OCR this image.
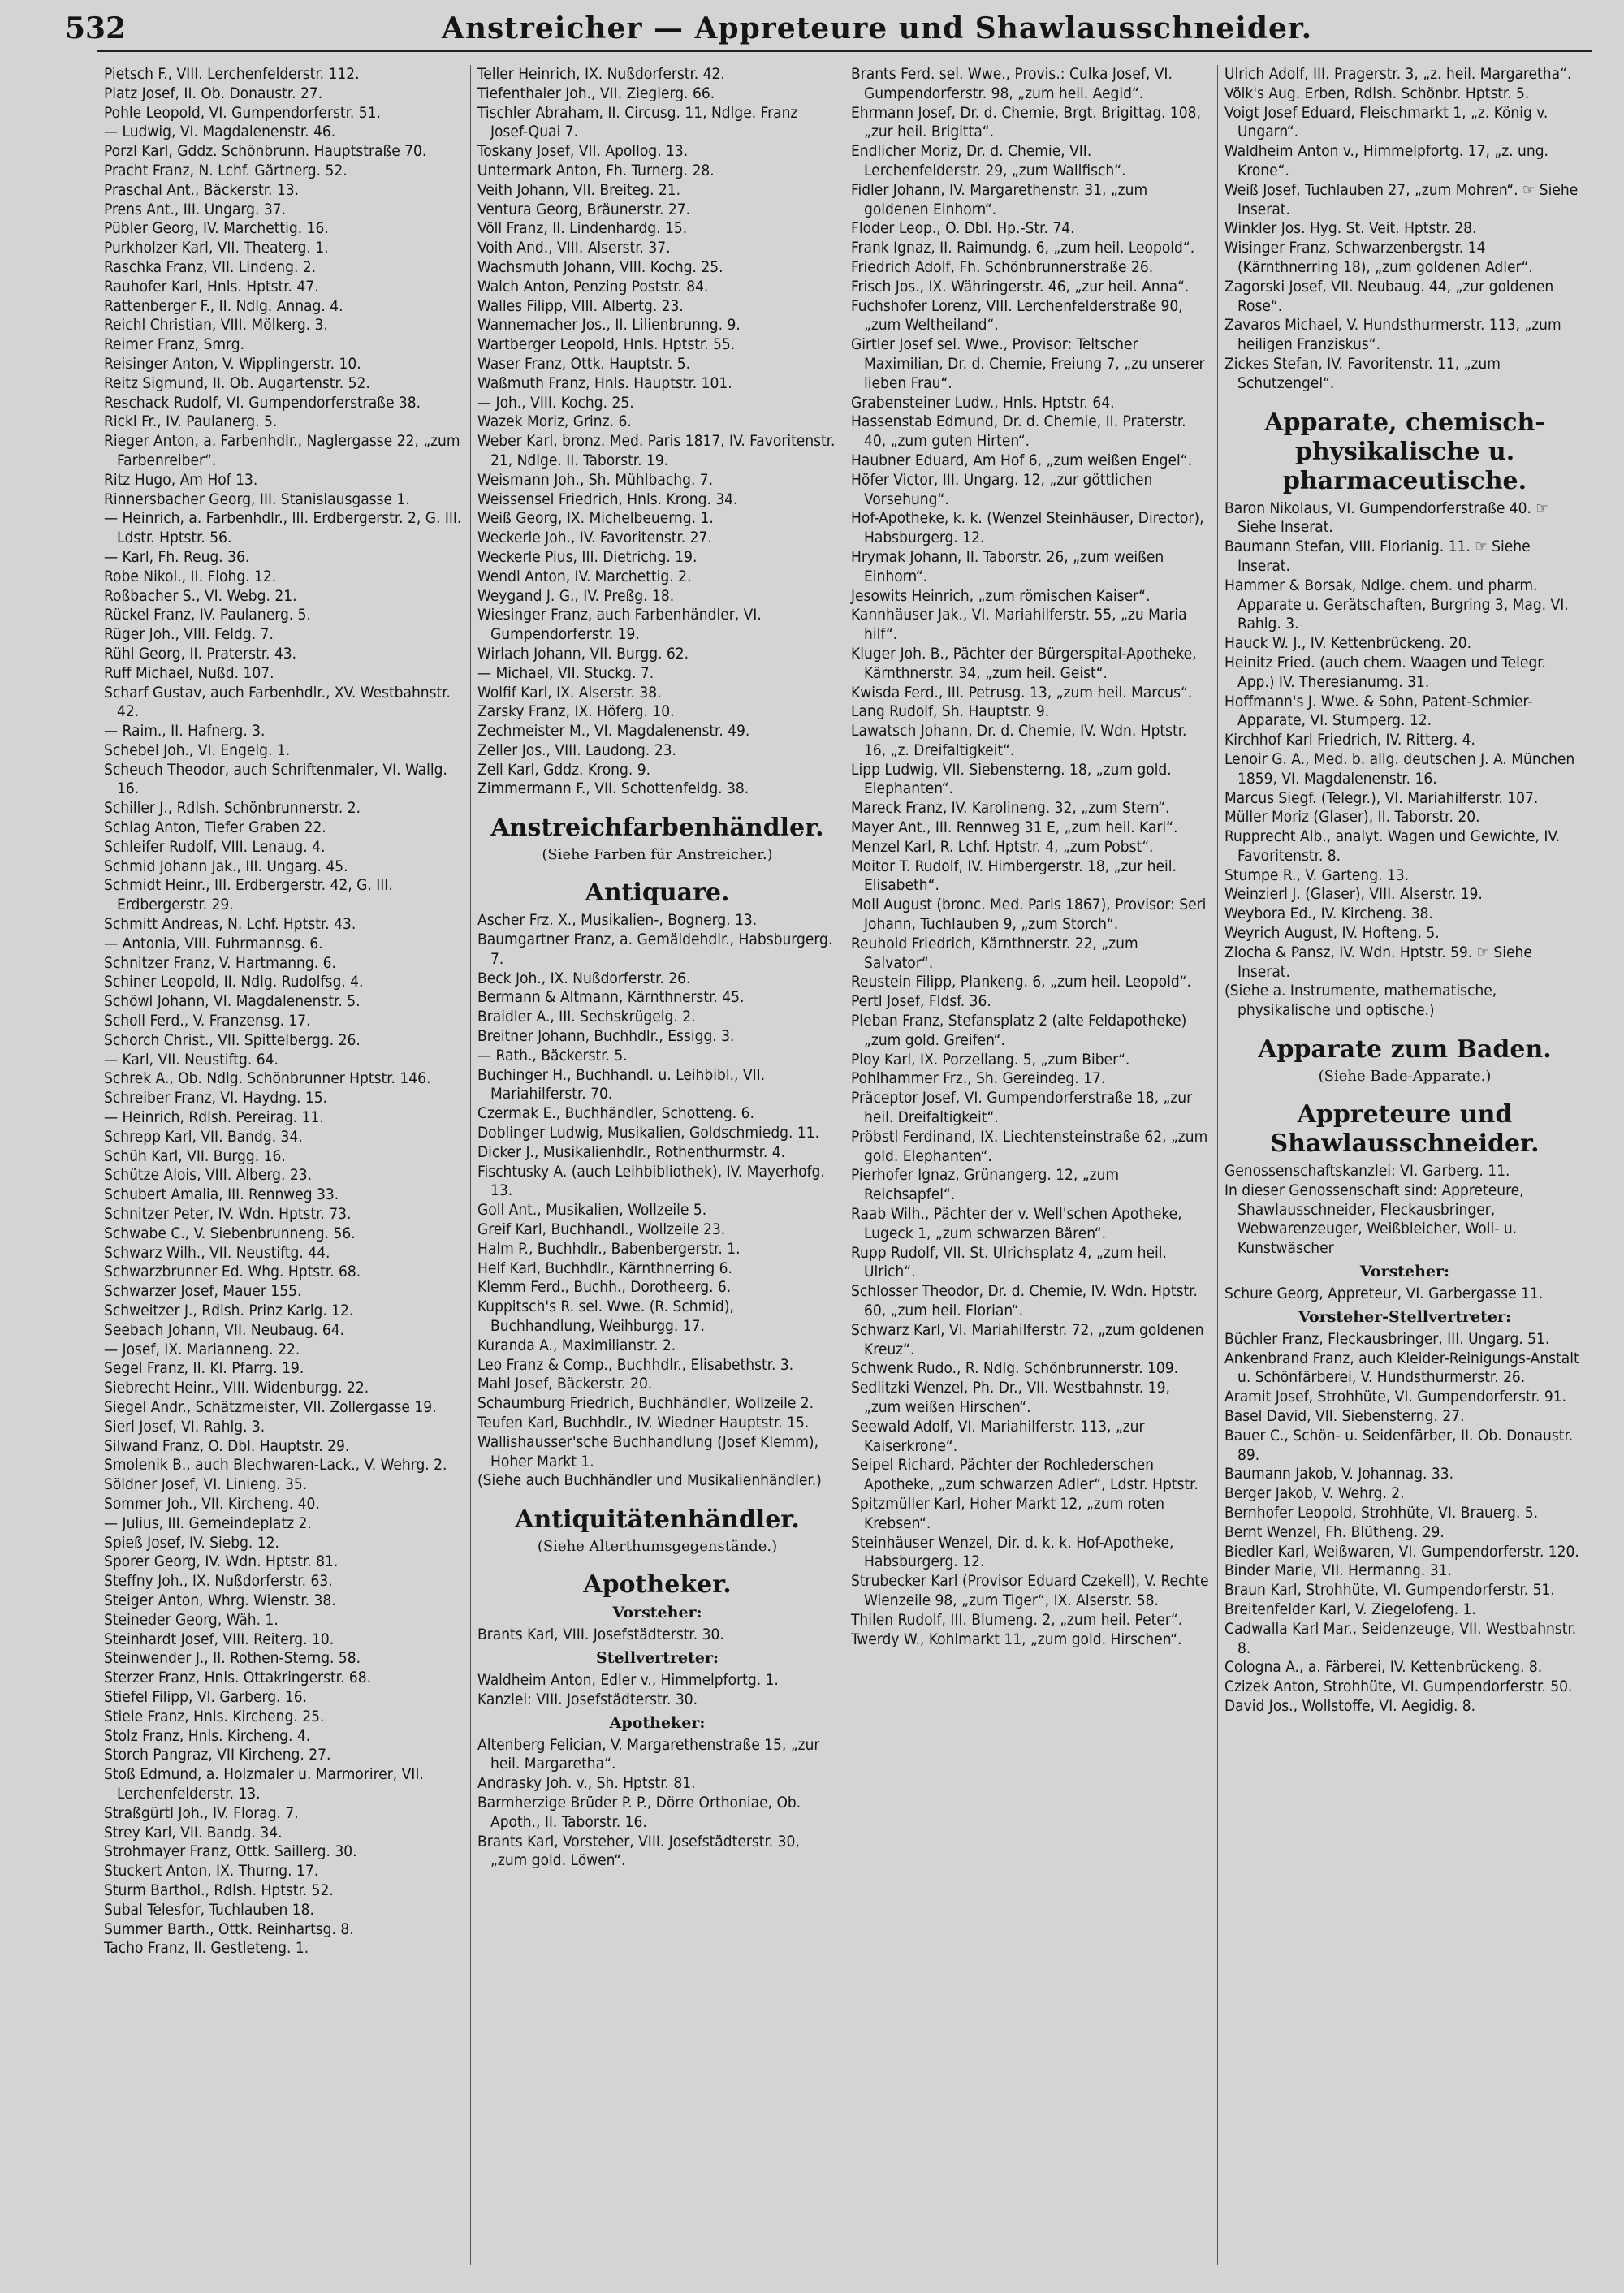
532	Anstreicher — Appreteure und Shawlausschneider.
Pietsch F., VIII. Lerchenfelderstr. 112.
Platz Josef, II. Ob. Donaustr. 27.
Pohle Leopold, VI. Gumpendorferstr. 51.
— Ludwig, VI. Magdalenenstr. 46.
Porzl Karl, Gddz. Schönbrunn. Hauptstraße 70.
Pracht Franz, N. Lchf. Gärtnerg. 52.
Praschal Ant., Bäckerstr. 13.
Prens Ant., III. Ungarg. 37.
Pübler Georg, IV. Marchettig. 16.
Purkholzer Karl, VII. Theaterg. 1.
Raschka Franz, VII. Lindeng. 2.
Rauhofer Karl, Hnls. Hptstr. 47.
Rattenberger F., II. Ndlg. Annag. 4.
Reichl Christian, VIII. Mölkerg. 3.
Reimer Franz, Smrg.
Reisinger Anton, V. Wipplingerstr. 10.
Reitz Sigmund, II. Ob. Augartenstr. 52.
Reschack Rudolf, VI. Gumpendorferstraße 38.
Rickl Fr., IV. Paulanerg. 5.
Rieger Anton, a. Farbenhdlr., Naglergasse 22, „zum Farbenreiber“.
Ritz Hugo, Am Hof 13.
Rinnersbacher Georg, III. Stanislausgasse 1.
— Heinrich, a. Farbenhdlr., III. Erdbergerstr. 2, G. III. Ldstr. Hptstr. 56.
— Karl, Fh. Reug. 36.
Robe Nikol., II. Flohg. 12.
Roßbacher S., VI. Webg. 21.
Rückel Franz, IV. Paulanerg. 5.
Rüger Joh., VIII. Feldg. 7.
Rühl Georg, II. Praterstr. 43.
Ruff Michael, Nußd. 107.
Scharf Gustav, auch Farbenhdlr., XV. Westbahnstr. 42.
— Raim., II. Hafnerg. 3.
Schebel Joh., VI. Engelg. 1.
Scheuch Theodor, auch Schriftenmaler, VI. Wallg. 16.
Schiller J., Rdlsh. Schönbrunnerstr. 2.
Schlag Anton, Tiefer Graben 22.
Schleifer Rudolf, VIII. Lenaug. 4.
Schmid Johann Jak., III. Ungarg. 45.
Schmidt Heinr., III. Erdbergerstr. 42, G. III. Erdbergerstr. 29.
Schmitt Andreas, N. Lchf. Hptstr. 43.
— Antonia, VIII. Fuhrmannsg. 6.
Schnitzer Franz, V. Hartmanng. 6.
Schiner Leopold, II. Ndlg. Rudolfsg. 4.
Schöwl Johann, VI. Magdalenenstr. 5.
Scholl Ferd., V. Franzensg. 17.
Schorch Christ., VII. Spittelbergg. 26.
— Karl, VII. Neustiftg. 64.
Schrek A., Ob. Ndlg. Schönbrunner Hptstr. 146.
Schreiber Franz, VI. Haydng. 15.
— Heinrich, Rdlsh. Pereirag. 11.
Schrepp Karl, VII. Bandg. 34.
Schüh Karl, VII. Burgg. 16.
Schütze Alois, VIII. Alberg. 23.
Schubert Amalia, III. Rennweg 33.
Schnitzer Peter, IV. Wdn. Hptstr. 73.
Schwabe C., V. Siebenbrunneng. 56.
Schwarz Wilh., VII. Neustiftg. 44.
Schwarzbrunner Ed. Whg. Hptstr. 68.
Schwarzer Josef, Mauer 155.
Schweitzer J., Rdlsh. Prinz Karlg. 12.
Seebach Johann, VII. Neubaug. 64.
— Josef, IX. Marianneng. 22.
Segel Franz, II. Kl. Pfarrg. 19.
Siebrecht Heinr., VIII. Widenburgg. 22.
Siegel Andr., Schätzmeister, VII. Zollergasse 19.
Sierl Josef, VI. Rahlg. 3.
Silwand Franz, O. Dbl. Hauptstr. 29.
Smolenik B., auch Blechwaren-Lack., V. Wehrg. 2.
Söldner Josef, VI. Linieng. 35.
Sommer Joh., VII. Kircheng. 40.
— Julius, III. Gemeindeplatz 2.
Spieß Josef, IV. Siebg. 12.
Sporer Georg, IV. Wdn. Hptstr. 81.
Steffny Joh., IX. Nußdorferstr. 63.
Steiger Anton, Whrg. Wienstr. 38.
Steineder Georg, Wäh. 1.
Steinhardt Josef, VIII. Reiterg. 10.
Steinwender J., II. Rothen-Sterng. 58.
Sterzer Franz, Hnls. Ottakringerstr. 68.
Stiefel Filipp, VI. Garberg. 16.
Stiele Franz, Hnls. Kircheng. 25.
Stolz Franz, Hnls. Kircheng. 4.
Storch Pangraz, VII Kircheng. 27.
Stoß Edmund, a. Holzmaler u. Marmorirer, VII. Lerchenfelderstr. 13.
Straßgürtl Joh., IV. Florag. 7.
Strey Karl, VII. Bandg. 34.
Strohmayer Franz, Ottk. Saillerg. 30.
Stuckert Anton, IX. Thurng. 17.
Sturm Barthol., Rdlsh. Hptstr. 52.
Subal Telesfor, Tuchlauben 18.
Summer Barth., Ottk. Reinhartsg. 8.
Tacho Franz, II. Gestleteng. 1.
Teller Heinrich, IX. Nußdorferstr. 42.
Tiefenthaler Joh., VII. Zieglerg. 66.
Tischler Abraham, II. Circusg. 11, Ndlge. Franz Josef-Quai 7.
Toskany Josef, VII. Apollog. 13.
Untermark Anton, Fh. Turnerg. 28.
Veith Johann, VII. Breiteg. 21.
Ventura Georg, Bräunerstr. 27.
Völl Franz, II. Lindenhardg. 15.
Voith And., VIII. Alserstr. 37.
Wachsmuth Johann, VIII. Kochg. 25.
Walch Anton, Penzing Poststr. 84.
Walles Filipp, VIII. Albertg. 23.
Wannemacher Jos., II. Lilienbrunng. 9.
Wartberger Leopold, Hnls. Hptstr. 55.
Waser Franz, Ottk. Hauptstr. 5.
Waßmuth Franz, Hnls. Hauptstr. 101.
— Joh., VIII. Kochg. 25.
Wazek Moriz, Grinz. 6.
Weber Karl, bronz. Med. Paris 1817, IV. Favoritenstr. 21, Ndlge. II. Taborstr. 19.
Weismann Joh., Sh. Mühlbachg. 7.
Weissensel Friedrich, Hnls. Krong. 34.
Weiß Georg, IX. Michelbeuerng. 1.
Weckerle Joh., IV. Favoritenstr. 27.
Weckerle Pius, III. Dietrichg. 19.
Wendl Anton, IV. Marchettig. 2.
Weygand J. G., IV. Preßg. 18.
Wiesinger Franz, auch Farbenhändler, VI. Gumpendorferstr. 19.
Wirlach Johann, VII. Burgg. 62.
— Michael, VII. Stuckg. 7.
Wolfif Karl, IX. Alserstr. 38.
Zarsky Franz, IX. Höferg. 10.
Zechmeister M., VI. Magdalenenstr. 49.
Zeller Jos., VIII. Laudong. 23.
Zell Karl, Gddz. Krong. 9.
Zimmermann F., VII. Schottenfeldg. 38.
Anstreichfarbenhändler.
(Siehe Farben für Anstreicher.)
Antiquare.
Ascher Frz. X., Musikalien-, Bognerg. 13.
Baumgartner Franz, a. Gemäldehdlr., Habsburgerg. 7.
Beck Joh., IX. Nußdorferstr. 26.
Bermann & Altmann, Kärnthnerstr. 45.
Braidler A., III. Sechskrügelg. 2.
Breitner Johann, Buchhdlr., Essigg. 3.
— Rath., Bäckerstr. 5.
Buchinger H., Buchhandl. u. Leihbibl., VII. Mariahilferstr. 70.
Czermak E., Buchhändler, Schotteng. 6.
Doblinger Ludwig, Musikalien, Goldschmiedg. 11.
Dicker J., Musikalienhdlr., Rothenthurmstr. 4.
Fischtusky A. (auch Leihbibliothek), IV. Mayerhofg. 13.
Goll Ant., Musikalien, Wollzeile 5.
Greif Karl, Buchhandl., Wollzeile 23.
Halm P., Buchhdlr., Babenbergerstr. 1.
Helf Karl, Buchhdlr., Kärnthnerring 6.
Klemm Ferd., Buchh., Dorotheerg. 6.
Kuppitsch's R. sel. Wwe. (R. Schmid), Buchhandlung, Weihburgg. 17.
Kuranda A., Maximilianstr. 2.
Leo Franz & Comp., Buchhdlr., Elisabethstr. 3.
Mahl Josef, Bäckerstr. 20.
Schaumburg Friedrich, Buchhändler, Wollzeile 2.
Teufen Karl, Buchhdlr., IV. Wiedner Hauptstr. 15.
Wallishausser'sche Buchhandlung (Josef Klemm), Hoher Markt 1.
(Siehe auch Buchhändler und Musikalienhändler.)
Antiquitätenhändler.
(Siehe Alterthumsgegenstände.)
Apotheker.
Vorsteher:
Brants Karl, VIII. Josefstädterstr. 30.
Stellvertreter:
Waldheim Anton, Edler v., Himmelpfortg. 1.
Kanzlei: VIII. Josefstädterstr. 30.
Apotheker:
Altenberg Felician, V. Margarethenstraße 15, „zur heil. Margaretha“.
Andrasky Joh. v., Sh. Hptstr. 81.
Barmherzige Brüder P. P., Dörre Orthoniae, Ob. Apoth., II. Taborstr. 16.
Brants Karl, Vorsteher, VIII. Josefstädterstr. 30, „zum gold. Löwen“.
Brants Ferd. sel. Wwe., Provis.: Culka Josef, VI. Gumpendorferstr. 98, „zum heil. Aegid“.
Ehrmann Josef, Dr. d. Chemie, Brgt. Brigittag. 108, „zur heil. Brigitta“.
Endlicher Moriz, Dr. d. Chemie, VII. Lerchenfelderstr. 29, „zum Wallfisch“.
Fidler Johann, IV. Margarethenstr. 31, „zum goldenen Einhorn“.
Floder Leop., O. Dbl. Hp.-Str. 74.
Frank Ignaz, II. Raimundg. 6, „zum heil. Leopold“.
Friedrich Adolf, Fh. Schönbrunnerstraße 26.
Frisch Jos., IX. Währingerstr. 46, „zur heil. Anna“.
Fuchshofer Lorenz, VIII. Lerchenfelderstraße 90, „zum Weltheiland“.
Girtler Josef sel. Wwe., Provisor: Teltscher Maximilian, Dr. d. Chemie, Freiung 7, „zu unserer lieben Frau“.
Grabensteiner Ludw., Hnls. Hptstr. 64.
Hassenstab Edmund, Dr. d. Chemie, II. Praterstr. 40, „zum guten Hirten“.
Haubner Eduard, Am Hof 6, „zum weißen Engel“.
Höfer Victor, III. Ungarg. 12, „zur göttlichen Vorsehung“.
Hof-Apotheke, k. k. (Wenzel Steinhäuser, Director), Habsburgerg. 12.
Hrymak Johann, II. Taborstr. 26, „zum weißen Einhorn“.
Jesowits Heinrich, „zum römischen Kaiser“.
Kannhäuser Jak., VI. Mariahilferstr. 55, „zu Maria hilf“.
Kluger Joh. B., Pächter der Bürgerspital-Apotheke, Kärnthnerstr. 34, „zum heil. Geist“.
Kwisda Ferd., III. Petrusg. 13, „zum heil. Marcus“.
Lang Rudolf, Sh. Hauptstr. 9.
Lawatsch Johann, Dr. d. Chemie, IV. Wdn. Hptstr. 16, „z. Dreifaltigkeit“.
Lipp Ludwig, VII. Siebensterng. 18, „zum gold. Elephanten“.
Mareck Franz, IV. Karolineng. 32, „zum Stern“.
Mayer Ant., III. Rennweg 31 E, „zum heil. Karl“.
Menzel Karl, R. Lchf. Hptstr. 4, „zum Pobst“.
Moitor T. Rudolf, IV. Himbergerstr. 18, „zur heil. Elisabeth“.
Moll August (bronc. Med. Paris 1867), Provisor: Seri Johann, Tuchlauben 9, „zum Storch“.
Reuhold Friedrich, Kärnthnerstr. 22, „zum Salvator“.
Reustein Filipp, Plankeng. 6, „zum heil. Leopold“.
Pertl Josef, Fldsf. 36.
Pleban Franz, Stefansplatz 2 (alte Feldapotheke) „zum gold. Greifen“.
Ploy Karl, IX. Porzellang. 5, „zum Biber“.
Pohlhammer Frz., Sh. Gereindeg. 17.
Präceptor Josef, VI. Gumpendorferstraße 18, „zur heil. Dreifaltigkeit“.
Pröbstl Ferdinand, IX. Liechtensteinstraße 62, „zum gold. Elephanten“.
Pierhofer Ignaz, Grünangerg. 12, „zum Reichsapfel“.
Raab Wilh., Pächter der v. Well'schen Apotheke, Lugeck 1, „zum schwarzen Bären“.
Rupp Rudolf, VII. St. Ulrichsplatz 4, „zum heil. Ulrich“.
Schlosser Theodor, Dr. d. Chemie, IV. Wdn. Hptstr. 60, „zum heil. Florian“.
Schwarz Karl, VI. Mariahilferstr. 72, „zum goldenen Kreuz“.
Schwenk Rudo., R. Ndlg. Schönbrunnerstr. 109.
Sedlitzki Wenzel, Ph. Dr., VII. Westbahnstr. 19, „zum weißen Hirschen“.
Seewald Adolf, VI. Mariahilferstr. 113, „zur Kaiserkrone“.
Seipel Richard, Pächter der Rochlederschen Apotheke, „zum schwarzen Adler“, Ldstr. Hptstr.
Spitzmüller Karl, Hoher Markt 12, „zum roten Krebsen“.
Steinhäuser Wenzel, Dir. d. k. k. Hof-Apotheke, Habsburgerg. 12.
Strubecker Karl (Provisor Eduard Czekell), V. Rechte Wienzeile 98, „zum Tiger“, IX. Alserstr. 58.
Thilen Rudolf, III. Blumeng. 2, „zum heil. Peter“.
Twerdy W., Kohlmarkt 11, „zum gold. Hirschen“.
Ulrich Adolf, III. Pragerstr. 3, „z. heil. Margaretha“.
Völk's Aug. Erben, Rdlsh. Schönbr. Hptstr. 5.
Voigt Josef Eduard, Fleischmarkt 1, „z. König v. Ungarn“.
Waldheim Anton v., Himmelpfortg. 17, „z. ung. Krone“.
Weiß Josef, Tuchlauben 27, „zum Mohren“. ☞ Siehe Inserat.
Winkler Jos. Hyg. St. Veit. Hptstr. 28.
Wisinger Franz, Schwarzenbergstr. 14 (Kärnthnerring 18), „zum goldenen Adler“.
Zagorski Josef, VII. Neubaug. 44, „zur goldenen Rose“.
Zavaros Michael, V. Hundsthurmerstr. 113, „zum heiligen Franziskus“.
Zickes Stefan, IV. Favoritenstr. 11, „zum Schutzengel“.
Apparate, chemisch-physikalische u. pharmaceutische.
Baron Nikolaus, VI. Gumpendorferstraße 40. ☞ Siehe Inserat.
Baumann Stefan, VIII. Florianig. 11. ☞ Siehe Inserat.
Hammer & Borsak, Ndlge. chem. und pharm. Apparate u. Gerätschaften, Burgring 3, Mag. VI. Rahlg. 3.
Hauck W. J., IV. Kettenbrückeng. 20.
Heinitz Fried. (auch chem. Waagen und Telegr. App.) IV. Theresianumg. 31.
Hoffmann's J. Wwe. & Sohn, Patent-Schmier-Apparate, VI. Stumperg. 12.
Kirchhof Karl Friedrich, IV. Ritterg. 4.
Lenoir G. A., Med. b. allg. deutschen J. A. München 1859, VI. Magdalenenstr. 16.
Marcus Siegf. (Telegr.), VI. Mariahilferstr. 107.
Müller Moriz (Glaser), II. Taborstr. 20.
Rupprecht Alb., analyt. Wagen und Gewichte, IV. Favoritenstr. 8.
Stumpe R., V. Garteng. 13.
Weinzierl J. (Glaser), VIII. Alserstr. 19.
Weybora Ed., IV. Kircheng. 38.
Weyrich August, IV. Hofteng. 5.
Zlocha & Pansz, IV. Wdn. Hptstr. 59. ☞ Siehe Inserat.
(Siehe a. Instrumente, mathematische, physikalische und optische.)
Apparate zum Baden.
(Siehe Bade-Apparate.)
Appreteure und Shawlausschneider.
Genossenschaftskanzlei: VI. Garberg. 11.
In dieser Genossenschaft sind: Appreteure, Shawlausschneider, Fleckausbringer, Webwarenzeuger, Weißbleicher, Woll- u. Kunstwäscher
Vorsteher:
Schure Georg, Appreteur, VI. Garbergasse 11.
Vorsteher-Stellvertreter:
Büchler Franz, Fleckausbringer, III. Ungarg. 51.
Ankenbrand Franz, auch Kleider-Reinigungs-Anstalt u. Schönfärberei, V. Hundsthurmerstr. 26.
Aramit Josef, Strohhüte, VI. Gumpendorferstr. 91.
Basel David, VII. Siebensterng. 27.
Bauer C., Schön- u. Seidenfärber, II. Ob. Donaustr. 89.
Baumann Jakob, V. Johannag. 33.
Berger Jakob, V. Wehrg. 2.
Bernhofer Leopold, Strohhüte, VI. Brauerg. 5.
Bernt Wenzel, Fh. Blütheng. 29.
Biedler Karl, Weißwaren, VI. Gumpendorferstr. 120.
Binder Marie, VII. Hermanng. 31.
Braun Karl, Strohhüte, VI. Gumpendorferstr. 51.
Breitenfelder Karl, V. Ziegelofeng. 1.
Cadwalla Karl Mar., Seidenzeuge, VII. Westbahnstr. 8.
Cologna A., a. Färberei, IV. Kettenbrückeng. 8.
Czizek Anton, Strohhüte, VI. Gumpendorferstr. 50.
David Jos., Wollstoffe, VI. Aegidig. 8.
